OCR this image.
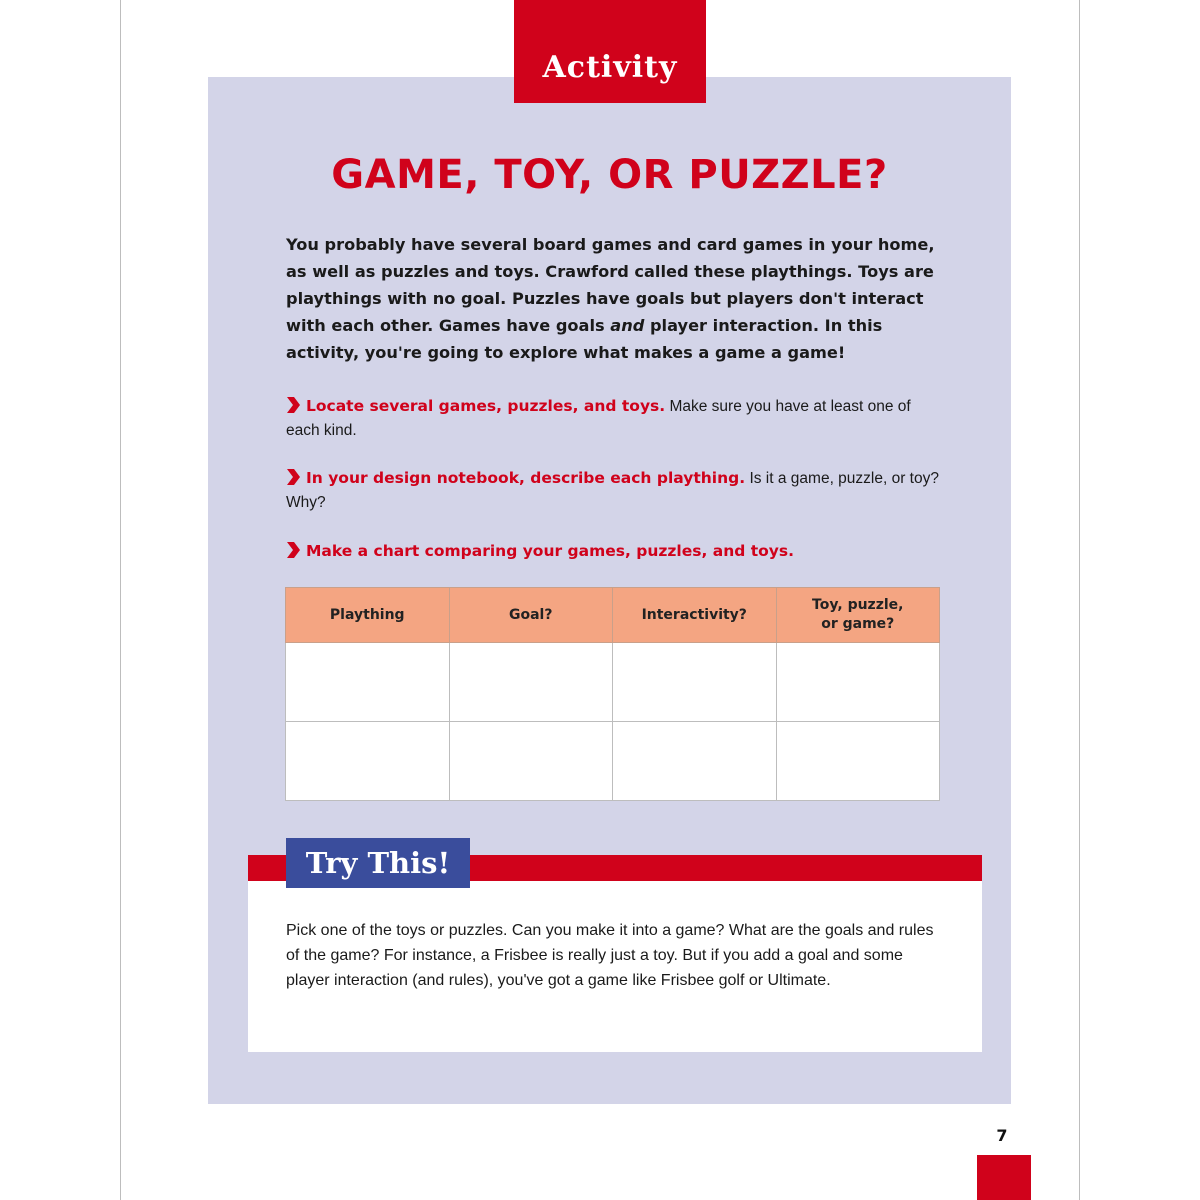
Activity
GAME, TOY, OR PUZZLE?
You probably have several board games and card games in your home, as well as puzzles and toys. Crawford called these playthings. Toys are playthings with no goal. Puzzles have goals but players don't interact with each other. Games have goals and player interaction. In this activity, you're going to explore what makes a game a game!
Locate several games, puzzles, and toys. Make sure you have at least one of each kind.
In your design notebook, describe each plaything. Is it a game, puzzle, or toy? Why?
Make a chart comparing your games, puzzles, and toys.
Plaything	Goal?	Interactivity?	Toy, puzzle, or game?

Try This!
Pick one of the toys or puzzles. Can you make it into a game? What are the goals and rules of the game? For instance, a Frisbee is really just a toy. But if you add a goal and some player interaction (and rules), you've got a game like Frisbee golf or Ultimate.
7
